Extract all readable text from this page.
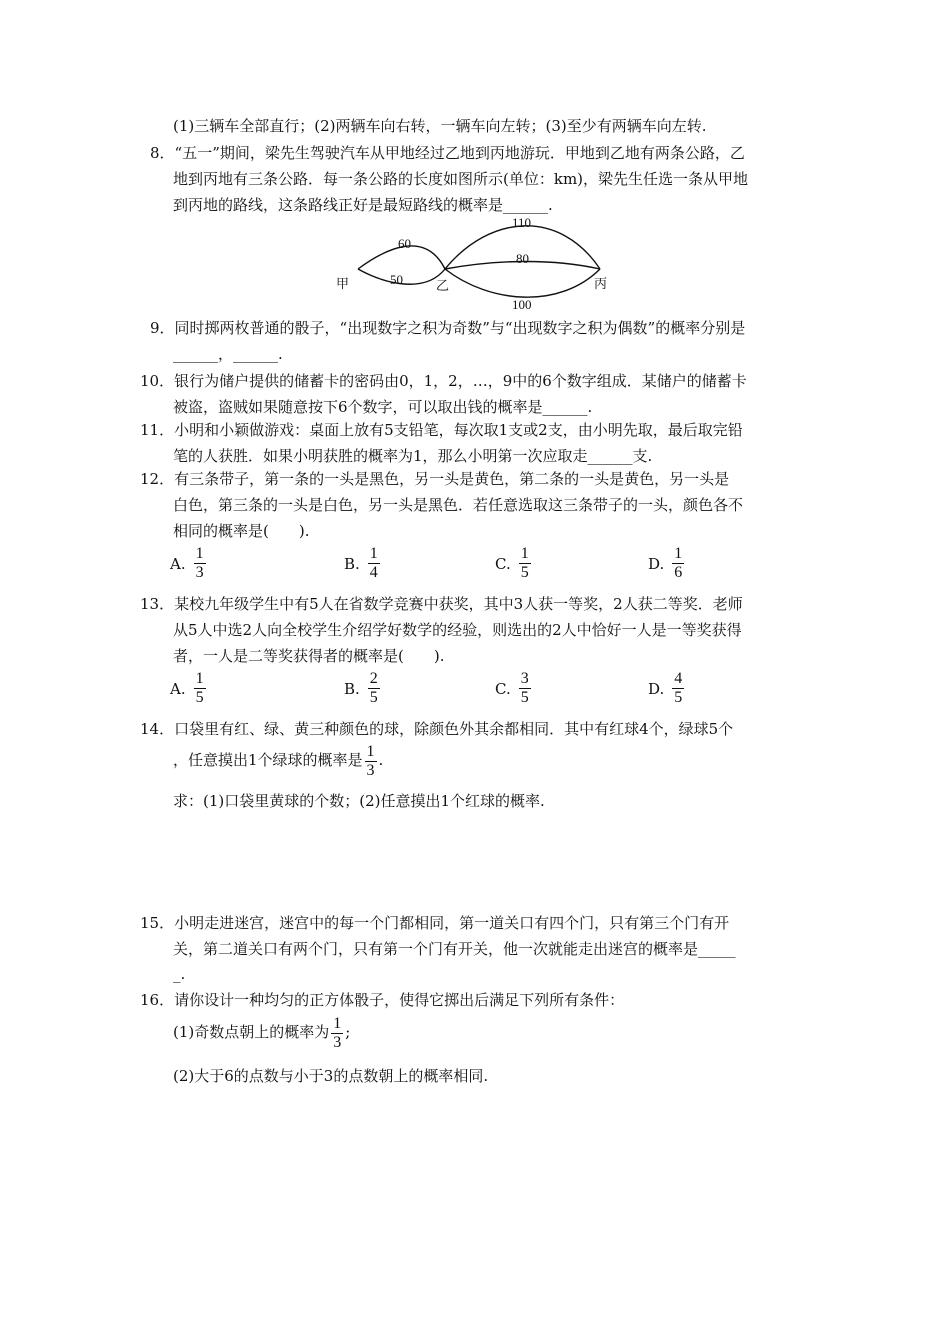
(1)三辆车全部直行；(2)两辆车向右转，一辆车向左转；(3)至少有两辆车向左转.
8．“五一”期间，梁先生驾驶汽车从甲地经过乙地到丙地游玩．甲地到乙地有两条公路，乙
地到丙地有三条公路．每一条公路的长度如图所示(单位：km)，梁先生任选一条从甲地
到丙地的路线，这条路线正好是最短路线的概率是______.
甲	乙	丙
60
50
110
80
100
9．同时掷两枚普通的骰子，“出现数字之积为奇数”与“出现数字之积为偶数”的概率分别是
______，______.
10．银行为储户提供的储蓄卡的密码由0，1，2，…，9中的6个数字组成．某储户的储蓄卡
被盗，盗贼如果随意按下6个数字，可以取出钱的概率是______.
11．小明和小颖做游戏：桌面上放有5支铅笔，每次取1支或2支，由小明先取，最后取完铅
笔的人获胜．如果小明获胜的概率为1，那么小明第一次应取走______支.
12．有三条带子，第一条的一头是黑色，另一头是黄色，第二条的一头是黄色，另一头是
白色，第三条的一头是白色，另一头是黑色．若任意选取这三条带子的一头，颜色各不
相同的概率是(　　).
A. $\frac{1}{3}$	B. $\frac{1}{4}$	C. $\frac{1}{5}$	D. $\frac{1}{6}$
13．某校九年级学生中有5人在省数学竞赛中获奖，其中3人获一等奖，2人获二等奖．老师
从5人中选2人向全校学生介绍学好数学的经验，则选出的2人中恰好一人是一等奖获得
者，一人是二等奖获得者的概率是(　　).
A. $\frac{1}{5}$	B. $\frac{2}{5}$	C. $\frac{3}{5}$	D. $\frac{4}{5}$
14．口袋里有红、绿、黄三种颜色的球，除颜色外其余都相同．其中有红球4个，绿球5个
，任意摸出1个绿球的概率是 $\frac{1}{3}$ .
求：(1)口袋里黄球的个数；(2)任意摸出1个红球的概率.
15．小明走进迷宫，迷宫中的每一个门都相同，第一道关口有四个门，只有第三个门有开
关，第二道关口有两个门，只有第一个门有开关，他一次就能走出迷宫的概率是_____
_.
16．请你设计一种均匀的正方体骰子，使得它掷出后满足下列所有条件：
(1)奇数点朝上的概率为 $\frac{1}{3}$ ;
(2)大于6的点数与小于3的点数朝上的概率相同.
